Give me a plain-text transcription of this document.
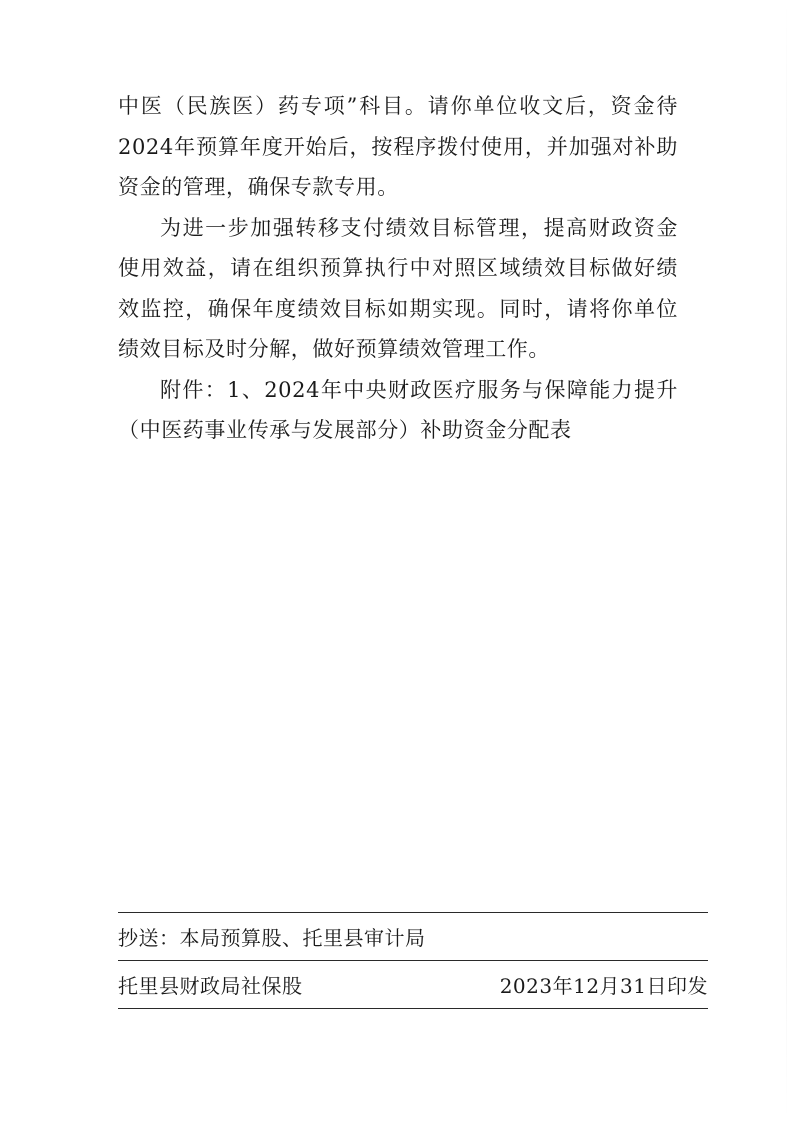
中医（民族医）药专项”科目。请你单位收文后，资金待2024年预算年度开始后，按程序拨付使用，并加强对补助资金的管理，确保专款专用。

为进一步加强转移支付绩效目标管理，提高财政资金使用效益，请在组织预算执行中对照区域绩效目标做好绩效监控，确保年度绩效目标如期实现。同时，请将你单位绩效目标及时分解，做好预算绩效管理工作。

附件：1、2024年中央财政医疗服务与保障能力提升（中医药事业传承与发展部分）补助资金分配表

抄送：本局预算股、托里县审计局
托里县财政局社保股	2023年12月31日印发
